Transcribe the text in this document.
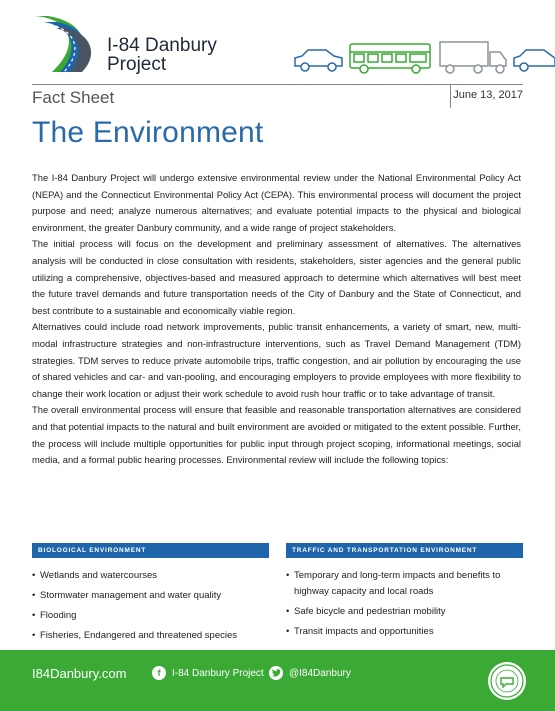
I-84 Danbury
Project
Fact Sheet	June 13, 2017
The Environment

The I-84 Danbury Project will undergo extensive environmental review under the National Environmental Policy Act (NEPA) and the Connecticut Environmental Policy Act (CEPA). This environmental process will document the project purpose and need; analyze numerous alternatives; and evaluate potential impacts to the physical and biological environment, the greater Danbury community, and a wide range of project stakeholders.

The initial process will focus on the development and preliminary assessment of alternatives. The alternatives analysis will be conducted in close consultation with residents, stakeholders, sister agencies and the general public utilizing a comprehensive, objectives-based and measured approach to determine which alternatives will best meet the future travel demands and future transportation needs of the City of Danbury and the State of Connecticut, and best contribute to a sustainable and economically viable region.

Alternatives could include road network improvements, public transit enhancements, a variety of smart, new, multi-modal infrastructure strategies and non-infrastructure interventions, such as Travel Demand Management (TDM) strategies. TDM serves to reduce private automobile trips, traffic congestion, and air pollution by encouraging the use of shared vehicles and car- and van-pooling, and encouraging employers to provide employees with more flexibility to change their work location or adjust their work schedule to avoid rush hour traffic or to take advantage of transit.

The overall environmental process will ensure that feasible and reasonable transportation alternatives are considered and that potential impacts to the natural and built environment are avoided or mitigated to the extent possible. Further, the process will include multiple opportunities for public input through project scoping, informational meetings, social media, and a formal public hearing processes. Environmental review will include the following topics:

BIOLOGICAL ENVIRONMENT
• Wetlands and watercourses
• Stormwater management and water quality
• Flooding
• Fisheries, Endangered and threatened species
TRAFFIC AND TRANSPORTATION ENVIRONMENT
• Temporary and long-term impacts and benefits to highway capacity and local roads
• Safe bicycle and pedestrian mobility
• Transit impacts and opportunities
I84Danbury.com	f	I-84 Danbury Project	@I84Danbury
